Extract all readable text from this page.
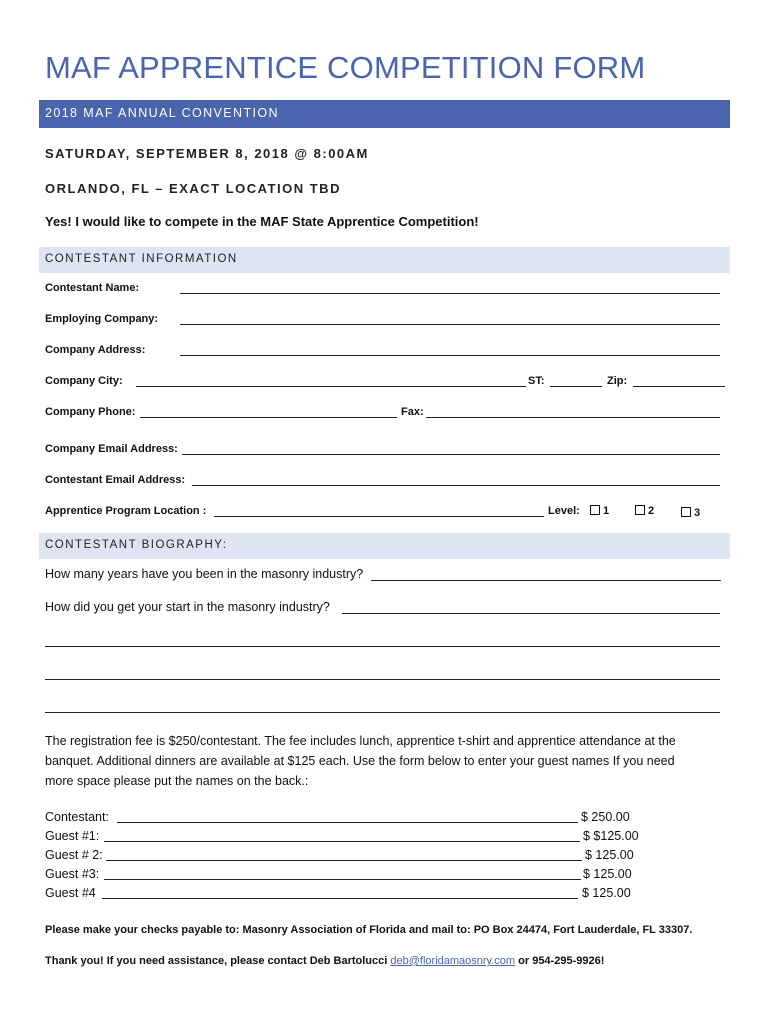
MAF APPRENTICE COMPETITION FORM
2018 MAF ANNUAL CONVENTION
SATURDAY, SEPTEMBER 8, 2018 @ 8:00AM
ORLANDO, FL – EXACT LOCATION TBD
Yes! I would like to compete in the MAF State Apprentice Competition!
CONTESTANT INFORMATION
Contestant Name:
Employing Company:
Company Address:
Company City:	ST:	Zip:
Company Phone:	Fax:
Company Email Address:
Contestant Email Address:
Apprentice Program Location :	Level:	1	2	3
CONTESTANT BIOGRAPHY:
How many years have you been in the masonry industry?
How did you get your start in the masonry industry?
The registration fee is $250/contestant. The fee includes lunch, apprentice t-shirt and apprentice attendance at the banquet. Additional dinners are available at $125 each. Use the form below to enter your guest names If you need more space please put the names on the back.:
Contestant:	$ 250.00
Guest #1:	$ $125.00
Guest # 2:	$ 125.00
Guest #3:	$ 125.00
Guest #4	$ 125.00
Please make your checks payable to: Masonry Association of Florida and mail to: PO Box 24474, Fort Lauderdale, FL 33307.
Thank you! If you need assistance, please contact Deb Bartolucci deb@floridamaosnry.com or 954-295-9926!
